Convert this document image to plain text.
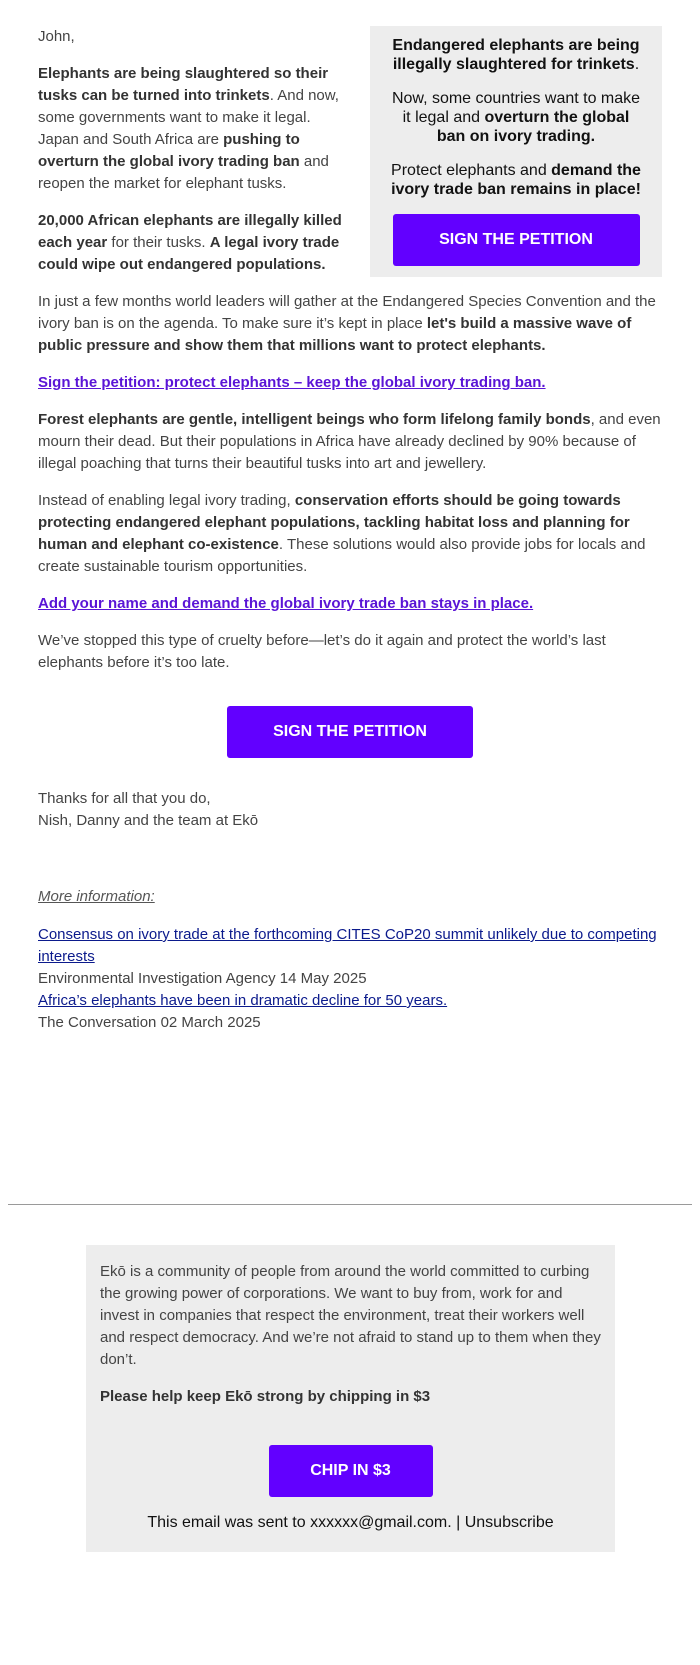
Endangered elephants are being illegally slaughtered for trinkets.

Now, some countries want to make it legal and overturn the global ban on ivory trading.

Protect elephants and demand the ivory trade ban remains in place!

SIGN THE PETITION

John,

Elephants are being slaughtered so their tusks can be turned into trinkets. And now, some governments want to make it legal. Japan and South Africa are pushing to overturn the global ivory trading ban and reopen the market for elephant tusks.

20,000 African elephants are illegally killed each year for their tusks. A legal ivory trade could wipe out endangered populations.

In just a few months world leaders will gather at the Endangered Species Convention and the ivory ban is on the agenda. To make sure it’s kept in place let's build a massive wave of public pressure and show them that millions want to protect elephants.

Sign the petition: protect elephants – keep the global ivory trading ban.

Forest elephants are gentle, intelligent beings who form lifelong family bonds, and even mourn their dead. But their populations in Africa have already declined by 90% because of illegal poaching that turns their beautiful tusks into art and jewellery.

Instead of enabling legal ivory trading, conservation efforts should be going towards protecting endangered elephant populations, tackling habitat loss and planning for human and elephant co-existence. These solutions would also provide jobs for locals and create sustainable tourism opportunities.

Add your name and demand the global ivory trade ban stays in place.

We’ve stopped this type of cruelty before—let’s do it again and protect the world’s last elephants before it’s too late.

SIGN THE PETITION

Thanks for all that you do,

Nish, Danny and the team at Ekō

More information:

Consensus on ivory trade at the forthcoming CITES CoP20 summit unlikely due to competing interests

Environmental Investigation Agency 14 May 2025

Africa’s elephants have been in dramatic decline for 50 years.

The Conversation 02 March 2025

Ekō is a community of people from around the world committed to curbing the growing power of corporations. We want to buy from, work for and invest in companies that respect the environment, treat their workers well and respect democracy. And we’re not afraid to stand up to them when they don’t.

Please help keep Ekō strong by chipping in $3

CHIP IN $3

This email was sent to xxxxxx@gmail.com. | Unsubscribe
